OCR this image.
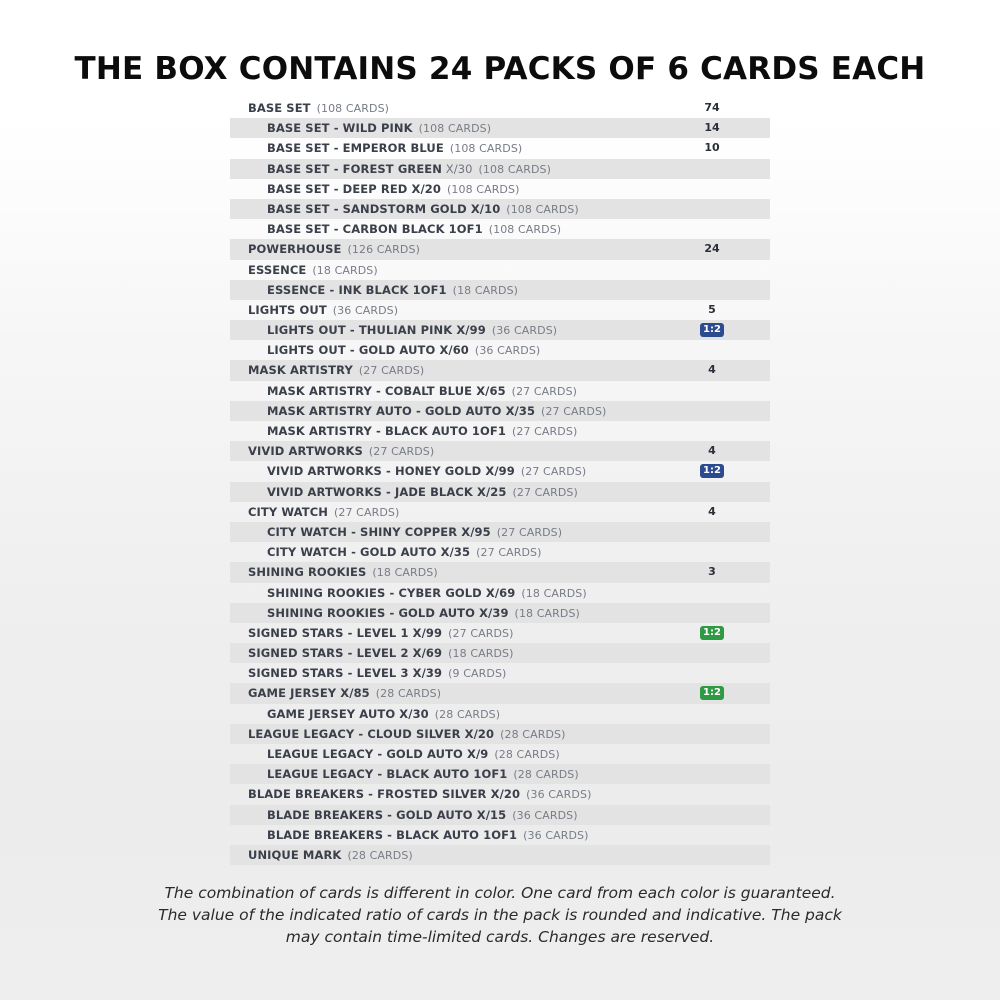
THE BOX CONTAINS 24 PACKS OF 6 CARDS EACH
BASE SET (108 CARDS)	74
BASE SET - WILD PINK (108 CARDS)	14
BASE SET - EMPEROR BLUE (108 CARDS)	10
BASE SET - FOREST GREEN X/30 (108 CARDS)
BASE SET - DEEP RED X/20 (108 CARDS)
BASE SET - SANDSTORM GOLD X/10 (108 CARDS)
BASE SET - CARBON BLACK 1OF1 (108 CARDS)
POWERHOUSE (126 CARDS)	24
ESSENCE (18 CARDS)
ESSENCE - INK BLACK 1OF1 (18 CARDS)
LIGHTS OUT (36 CARDS)	5
LIGHTS OUT - THULIAN PINK X/99 (36 CARDS)	1:2
LIGHTS OUT - GOLD AUTO X/60 (36 CARDS)
MASK ARTISTRY (27 CARDS)	4
MASK ARTISTRY - COBALT BLUE X/65 (27 CARDS)
MASK ARTISTRY AUTO - GOLD AUTO X/35 (27 CARDS)
MASK ARTISTRY - BLACK AUTO 1OF1 (27 CARDS)
VIVID ARTWORKS (27 CARDS)	4
VIVID ARTWORKS - HONEY GOLD X/99 (27 CARDS)	1:2
VIVID ARTWORKS - JADE BLACK X/25 (27 CARDS)
CITY WATCH (27 CARDS)	4
CITY WATCH - SHINY COPPER X/95 (27 CARDS)
CITY WATCH - GOLD AUTO X/35 (27 CARDS)
SHINING ROOKIES (18 CARDS)	3
SHINING ROOKIES - CYBER GOLD X/69 (18 CARDS)
SHINING ROOKIES - GOLD AUTO X/39 (18 CARDS)
SIGNED STARS - LEVEL 1 X/99 (27 CARDS)	1:2
SIGNED STARS - LEVEL 2 X/69 (18 CARDS)
SIGNED STARS - LEVEL 3 X/39 (9 CARDS)
GAME JERSEY X/85 (28 CARDS)	1:2
GAME JERSEY AUTO X/30 (28 CARDS)
LEAGUE LEGACY - CLOUD SILVER X/20 (28 CARDS)
LEAGUE LEGACY - GOLD AUTO X/9 (28 CARDS)
LEAGUE LEGACY - BLACK AUTO 1OF1 (28 CARDS)
BLADE BREAKERS - FROSTED SILVER X/20 (36 CARDS)
BLADE BREAKERS - GOLD AUTO X/15 (36 CARDS)
BLADE BREAKERS - BLACK AUTO 1OF1 (36 CARDS)
UNIQUE MARK (28 CARDS)
The combination of cards is different in color. One card from each color is guaranteed.
The value of the indicated ratio of cards in the pack is rounded and indicative. The pack
may contain time-limited cards. Changes are reserved.
